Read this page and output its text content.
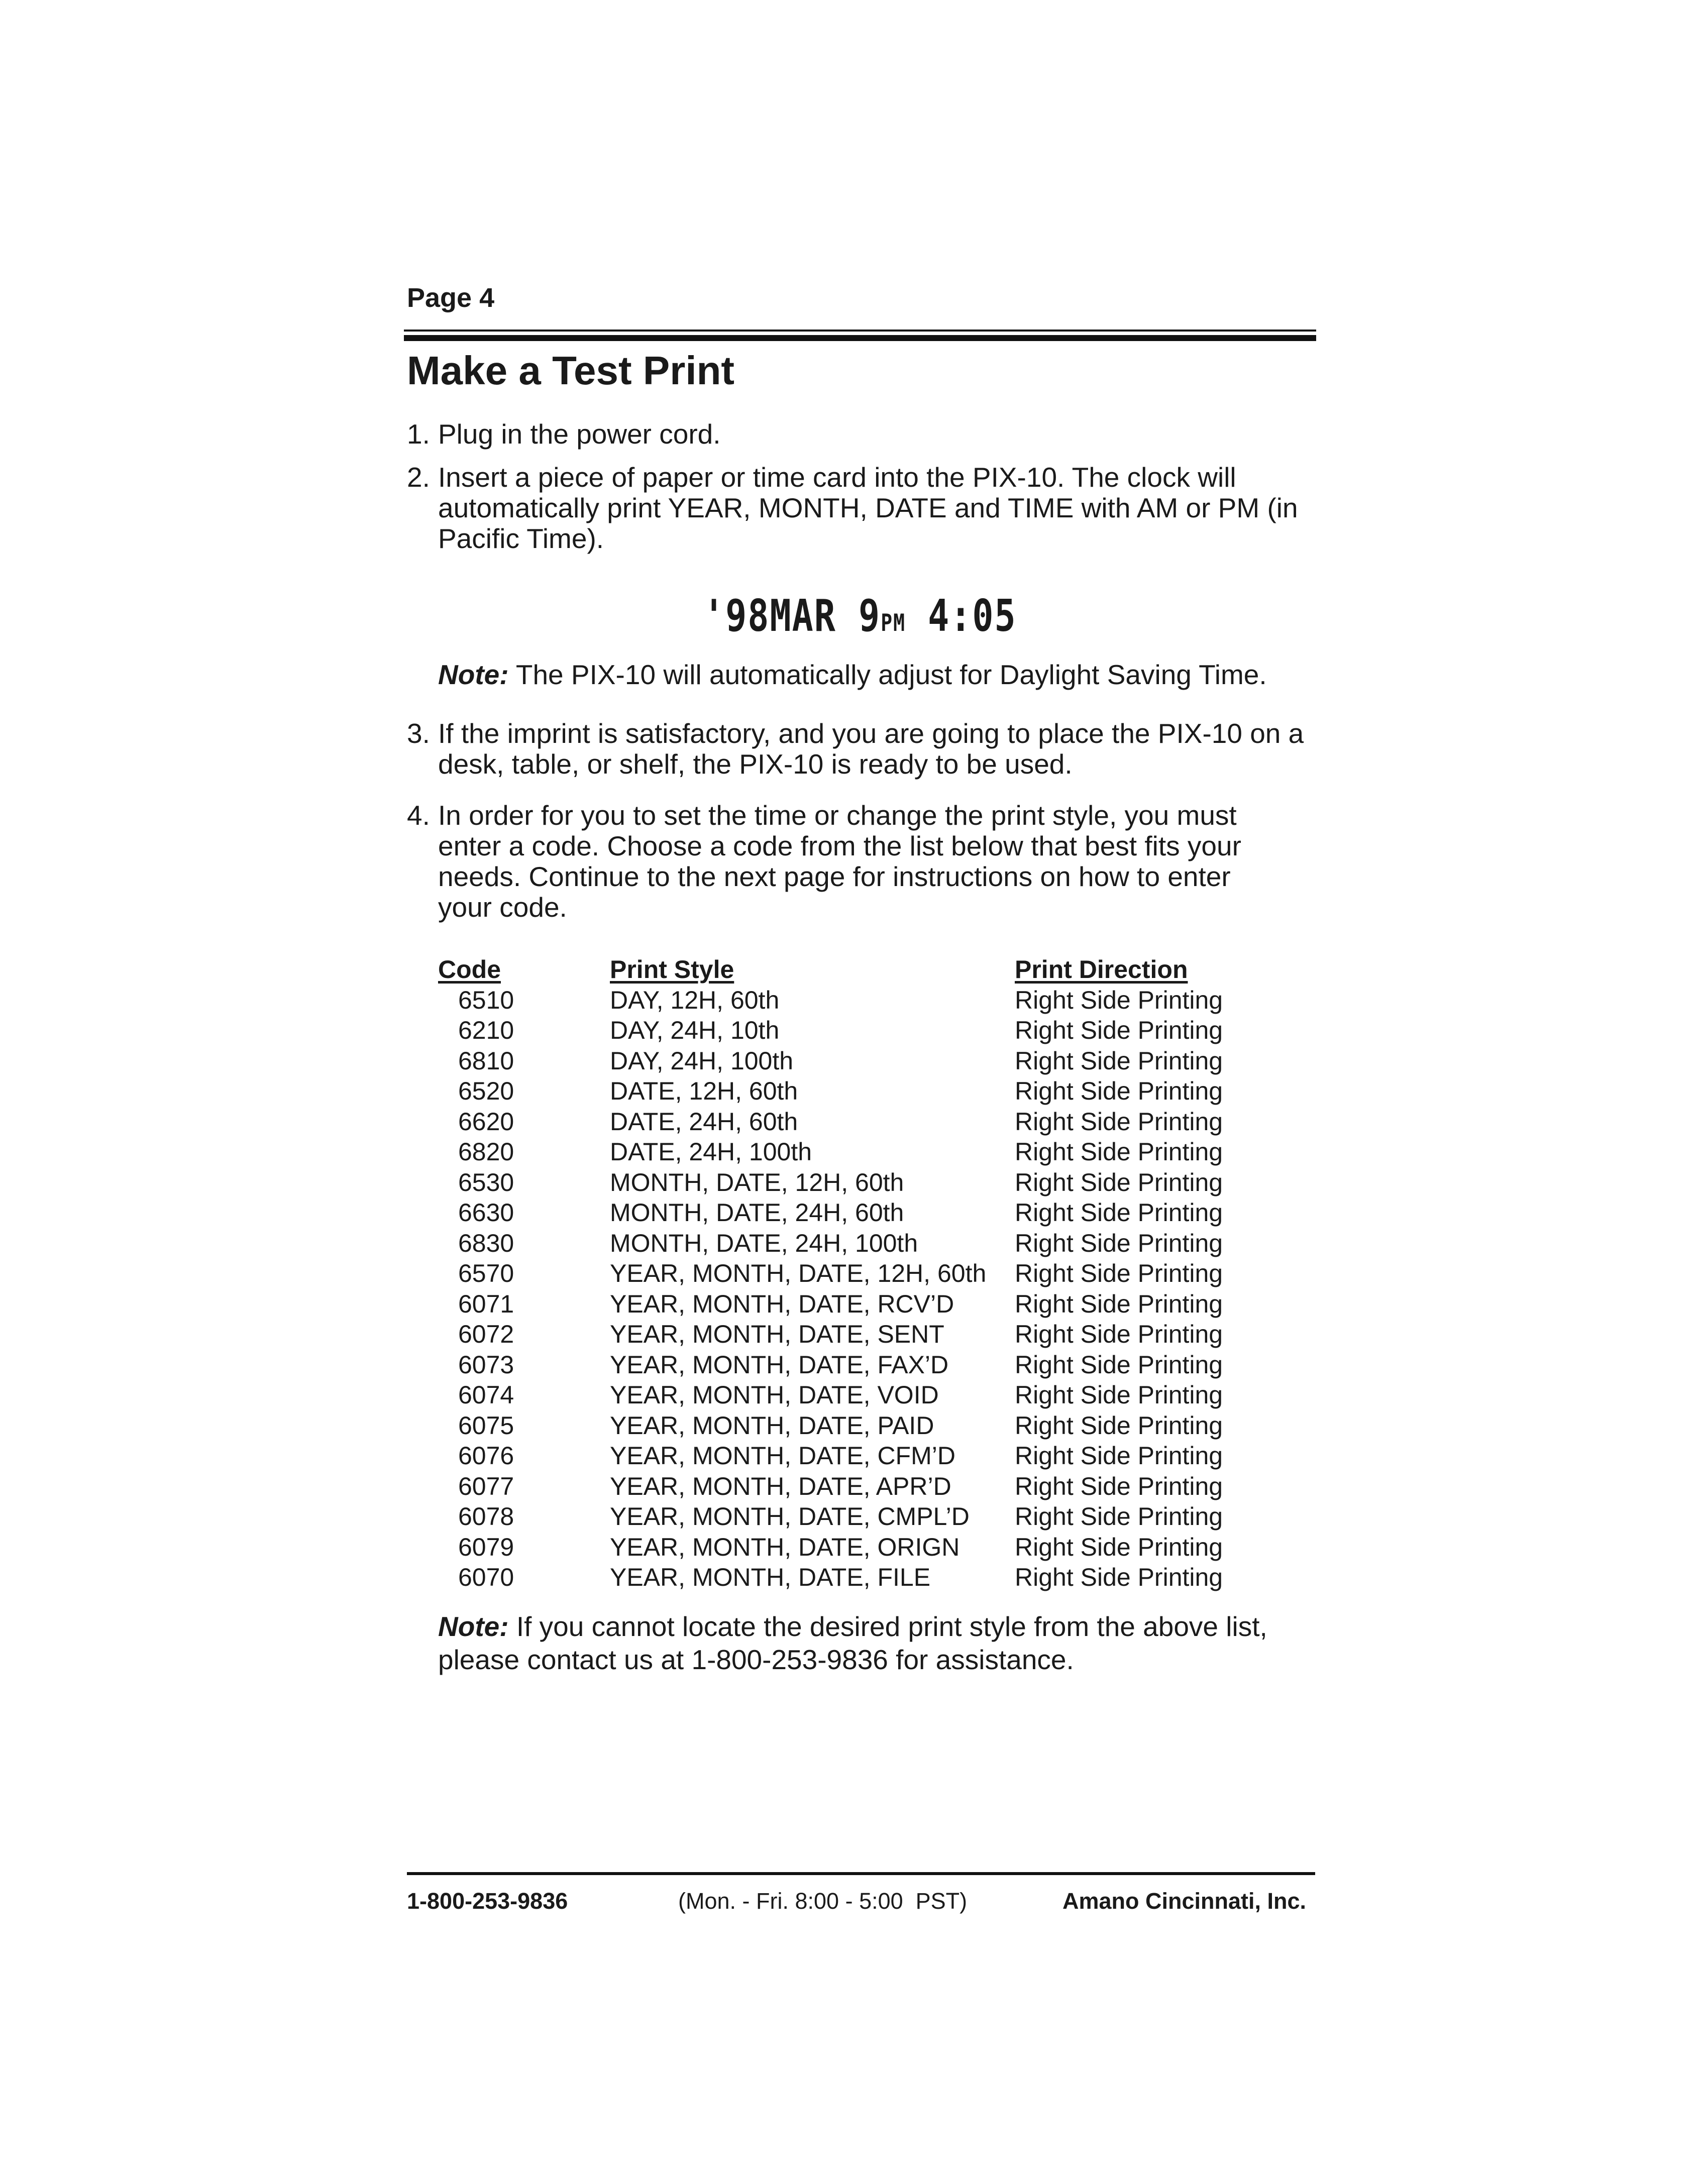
Page 4
Make a Test Print
1. Plug in the power cord.
2. Insert a piece of paper or time card into the PIX-10. The clock will automatically print YEAR, MONTH, DATE and TIME with AM or PM (in Pacific Time).
'98MAR 9PM 4:05
Note: The PIX-10 will automatically adjust for Daylight Saving Time.
3. If the imprint is satisfactory, and you are going to place the PIX-10 on a desk, table, or shelf, the PIX-10 is ready to be used.
4. In order for you to set the time or change the print style, you must enter a code. Choose a code from the list below that best fits your needs. Continue to the next page for instructions on how to enter your code.
Code	Print Style	Print Direction
6510	DAY, 12H, 60th	Right Side Printing
6210	DAY, 24H, 10th	Right Side Printing
6810	DAY, 24H, 100th	Right Side Printing
6520	DATE, 12H, 60th	Right Side Printing
6620	DATE, 24H, 60th	Right Side Printing
6820	DATE, 24H, 100th	Right Side Printing
6530	MONTH, DATE, 12H, 60th	Right Side Printing
6630	MONTH, DATE, 24H, 60th	Right Side Printing
6830	MONTH, DATE, 24H, 100th	Right Side Printing
6570	YEAR, MONTH, DATE, 12H, 60th	Right Side Printing
6071	YEAR, MONTH, DATE, RCV’D	Right Side Printing
6072	YEAR, MONTH, DATE, SENT	Right Side Printing
6073	YEAR, MONTH, DATE, FAX’D	Right Side Printing
6074	YEAR, MONTH, DATE, VOID	Right Side Printing
6075	YEAR, MONTH, DATE, PAID	Right Side Printing
6076	YEAR, MONTH, DATE, CFM’D	Right Side Printing
6077	YEAR, MONTH, DATE, APR’D	Right Side Printing
6078	YEAR, MONTH, DATE, CMPL’D	Right Side Printing
6079	YEAR, MONTH, DATE, ORIGN	Right Side Printing
6070	YEAR, MONTH, DATE, FILE	Right Side Printing
Note: If you cannot locate the desired print style from the above list, please contact us at 1-800-253-9836 for assistance.
1-800-253-9836	(Mon. - Fri. 8:00 - 5:00  PST)	Amano Cincinnati, Inc.
